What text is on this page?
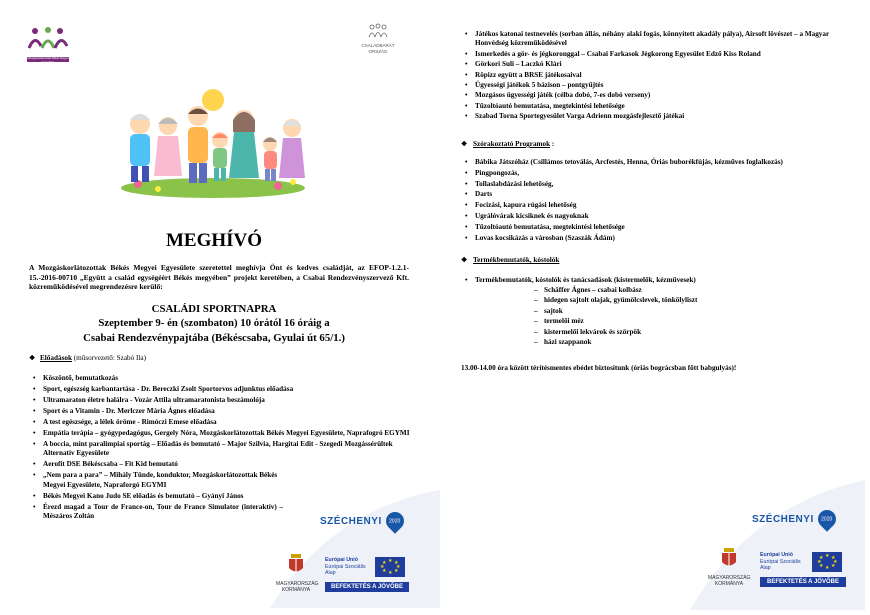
Mozgáskorlátozottak Békés Megyei Egyesülete
CSALÁDBARÁT ORSZÁG
MEGHÍVÓ
A Mozgáskorlátozottak Békés Megyei Egyesülete szeretettel meghívja Önt és kedves családját, az EFOP-1.2.1-15.-2016-00710 „Együtt a család egységéért Békés megyében” projekt keretében, a Csabai Rendezvényszervező Kft. közreműködésével megrendezésre kerülő:
CSALÁDI SPORTNAPRA
Szeptember 9- én (szombaton) 10 órától 16 óráig a
Csabai Rendezvénypajtába (Békéscsaba, Gyulai út 65/1.)
❖ Előadások (műsorvezető: Szabó Ila)
•	Köszöntő, bemutatkozás
•	Sport, egészség karbantartása - Dr. Bereczki Zsolt Sportorvos adjunktus előadása
•	Ultramaraton életre halálra - Vozár Attila ultramaratonista beszámolója
•	Sport és a Vitamin - Dr. Merlczer Mária Ágnes előadása
•	A test egészsége, a lélek öröme - Rimóczi Emese előadása
•	Empátia terápia – gyógypedagógus, Gergely Nóra, Mozgáskorlátozottak Békés Megyei Egyesülete, Naprafogró EGYMI
•	A boccia, mint paralimpiai sportág – Előadás és bemutató – Major Szilvia, Hargitai Edit - Szegedi Mozgássérültek Alternatív Egyesülete
•	Aerofit DSE Békéscsaba – Fit Kid bemutató
•	„Nem para a para” – Mihály Tünde, konduktor, Mozgáskorlátozottak Békés Megyei Egyesülete, Napraforgó EGYMI
•	Békés Megyei Kano Judo SE előadás és bemutató – Gyányi János
•	Érezd magad a Tour de France-on, Tour de France Simulator (interaktív) – Mészáros Zoltán	SZÉCHENYI	2020
MAGYARORSZÁG KORMÁNYA
Európai Unió
Európai Szociális
Alap
★ ★
★
★
★
★
★
★
BEFEKTETÉS A JÖVŐBE
•	Játékos katonai testnevelés (sorban állás, néhány alaki fogás, könnyített akadály pálya), Airsoft lövészet – a Magyar Honvédség közreműködésével
•	Ismerkedés a gör- és jégkoronggal – Csabai Farkasok Jégkorong Egyesület Edző Kiss Roland
•	Görkori Suli – Laczkó Klári
•	Röpizz együtt a BRSE játékosaival
•	Ügyességi játékok 5 bázison – pontgyűjtés
•	Mozgásos ügyességi játék (célba dobó, 7-es dobó verseny)
•	Tűzoltóautó bemutatása, megtekintési lehetősége
•	Szabad Torna Sportegyesület Varga Adrienn mozgásfejlesztő játékai
❖ Szórakoztató Programok :
•	Bábika Játszóház (Csillámos tetoválás, Arcfestés, Henna, Óriás buborékfújás, kézműves foglalkozás)
•	Pingpongozás,
•	Tollaslabdázási lehetőség,
•	Darts
•	Focizási, kapura rúgási lehetőség
•	Ugrálóvárak kicsiknek és nagyoknak
•	Tűzoltóautó bemutatása, megtekintési lehetősége
•	Lovas kocsikázás a városban (Szaszák Ádám)
❖ Termékbemutatók, kóstolók
•	Termékbemutatók, kóstolók és tanácsadások (kistermelők, kézművesek)
– Schäffer Ágnes – csabai kolbász
– hidegen sajtolt olajak, gyümölcslevek, tönkölyliszt
– sajtok
– termelői méz
– kistermelői lekvárok és szörpök
– házi szappanok
13.00-14.00 óra között térítésmentes ebédet biztosítunk (óriás bográcsban főtt babgulyás)!
SZÉCHENYI	2020
MAGYARORSZÁG KORMÁNYA
Európai Unió
Európai Szociális
Alap
★ ★
★
★
★
★
★
★
BEFEKTETÉS A JÖVŐBE
